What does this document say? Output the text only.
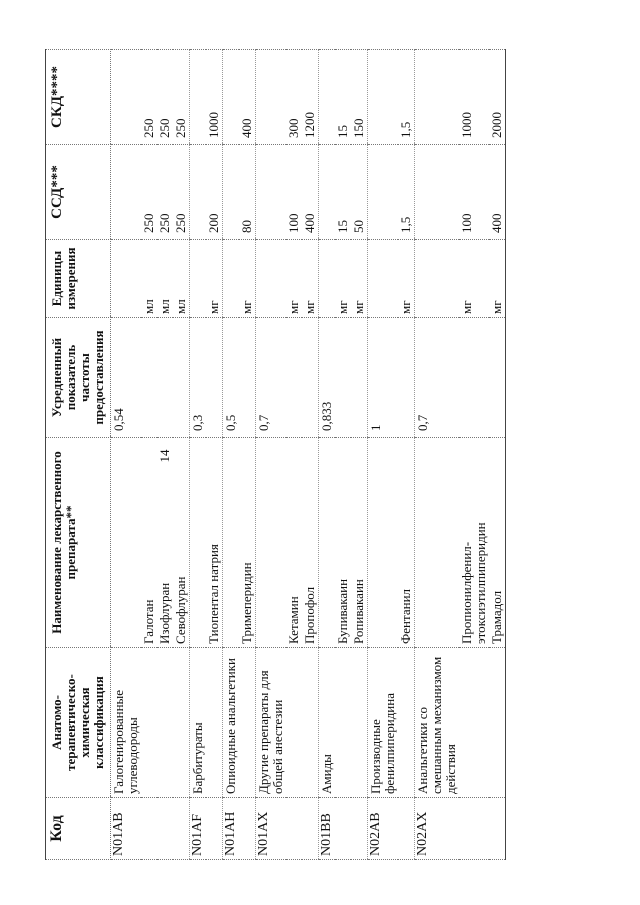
14
Код	Анатомо-терапевтическо-химическая классификация	Наименование лекарственного препарата**	Усредненный показатель частоты предоставления	Единицы измерения	ССД***	СКД****
N01AB	Галогенированные углеводороды		0,54			
		Галотан		мл	250	250
		Изофлуран		мл	250	250
		Севофлуран		мл	250	250
N01AF	Барбитураты		0,3			
		Тиопентал натрия		мг	200	1000
N01AH	Опиоидные анальгетики		0,5			
		Тримеперидин		мг	80	400
N01AX	Другие препараты для общей анестезии		0,7			
		Кетамин		мг	100	300
		Пропофол		мг	400	1200
N01BB	Амиды		0,833			
		Бупивакаин		мг	15	15
		Ропивакаин		мг	50	150
N02AB	Производные фенилпиперидина		1			
		Фентанил		мг	1,5	1,5
N02AX	Анальгетики со смешанным механизмом действия		0,7			
		Пропионилфенил-этоксиэтилпиперидин		мг	100	1000
		Трамадол		мг	400	2000
